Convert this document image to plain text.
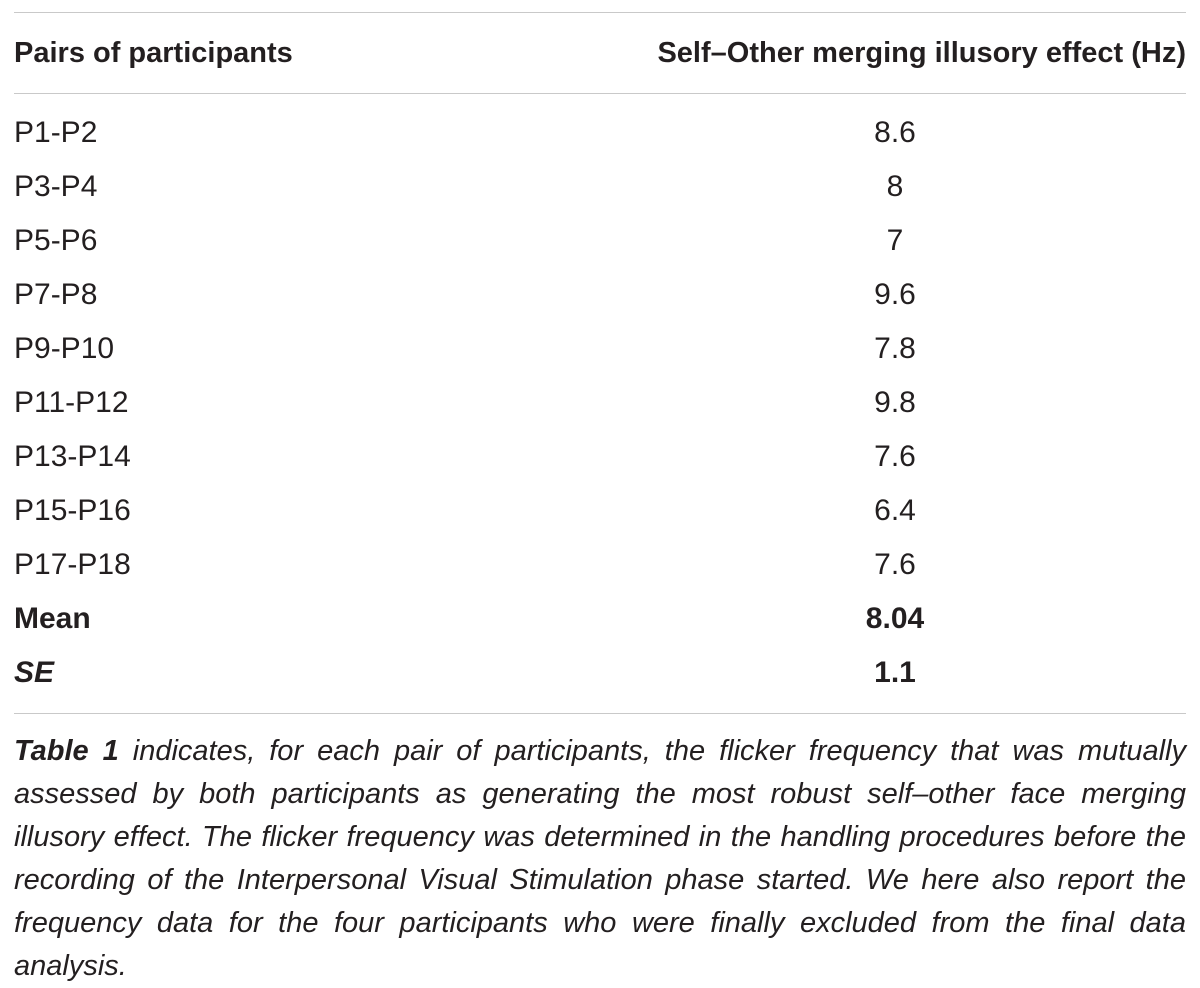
Pairs of participants	Self–Other merging illusory effect (Hz)
P1-P2	8.6
P3-P4	8
P5-P6	7
P7-P8	9.6
P9-P10	7.8
P11-P12	9.8
P13-P14	7.6
P15-P16	6.4
P17-P18	7.6
Mean	8.04
SE	1.1
Table 1 indicates, for each pair of participants, the flicker frequency that was mutually assessed by both participants as generating the most robust self–other face merging illusory effect. The flicker frequency was determined in the handling procedures before the recording of the Interpersonal Visual Stimulation phase started. We here also report the frequency data for the four participants who were finally excluded from the final data analysis.
